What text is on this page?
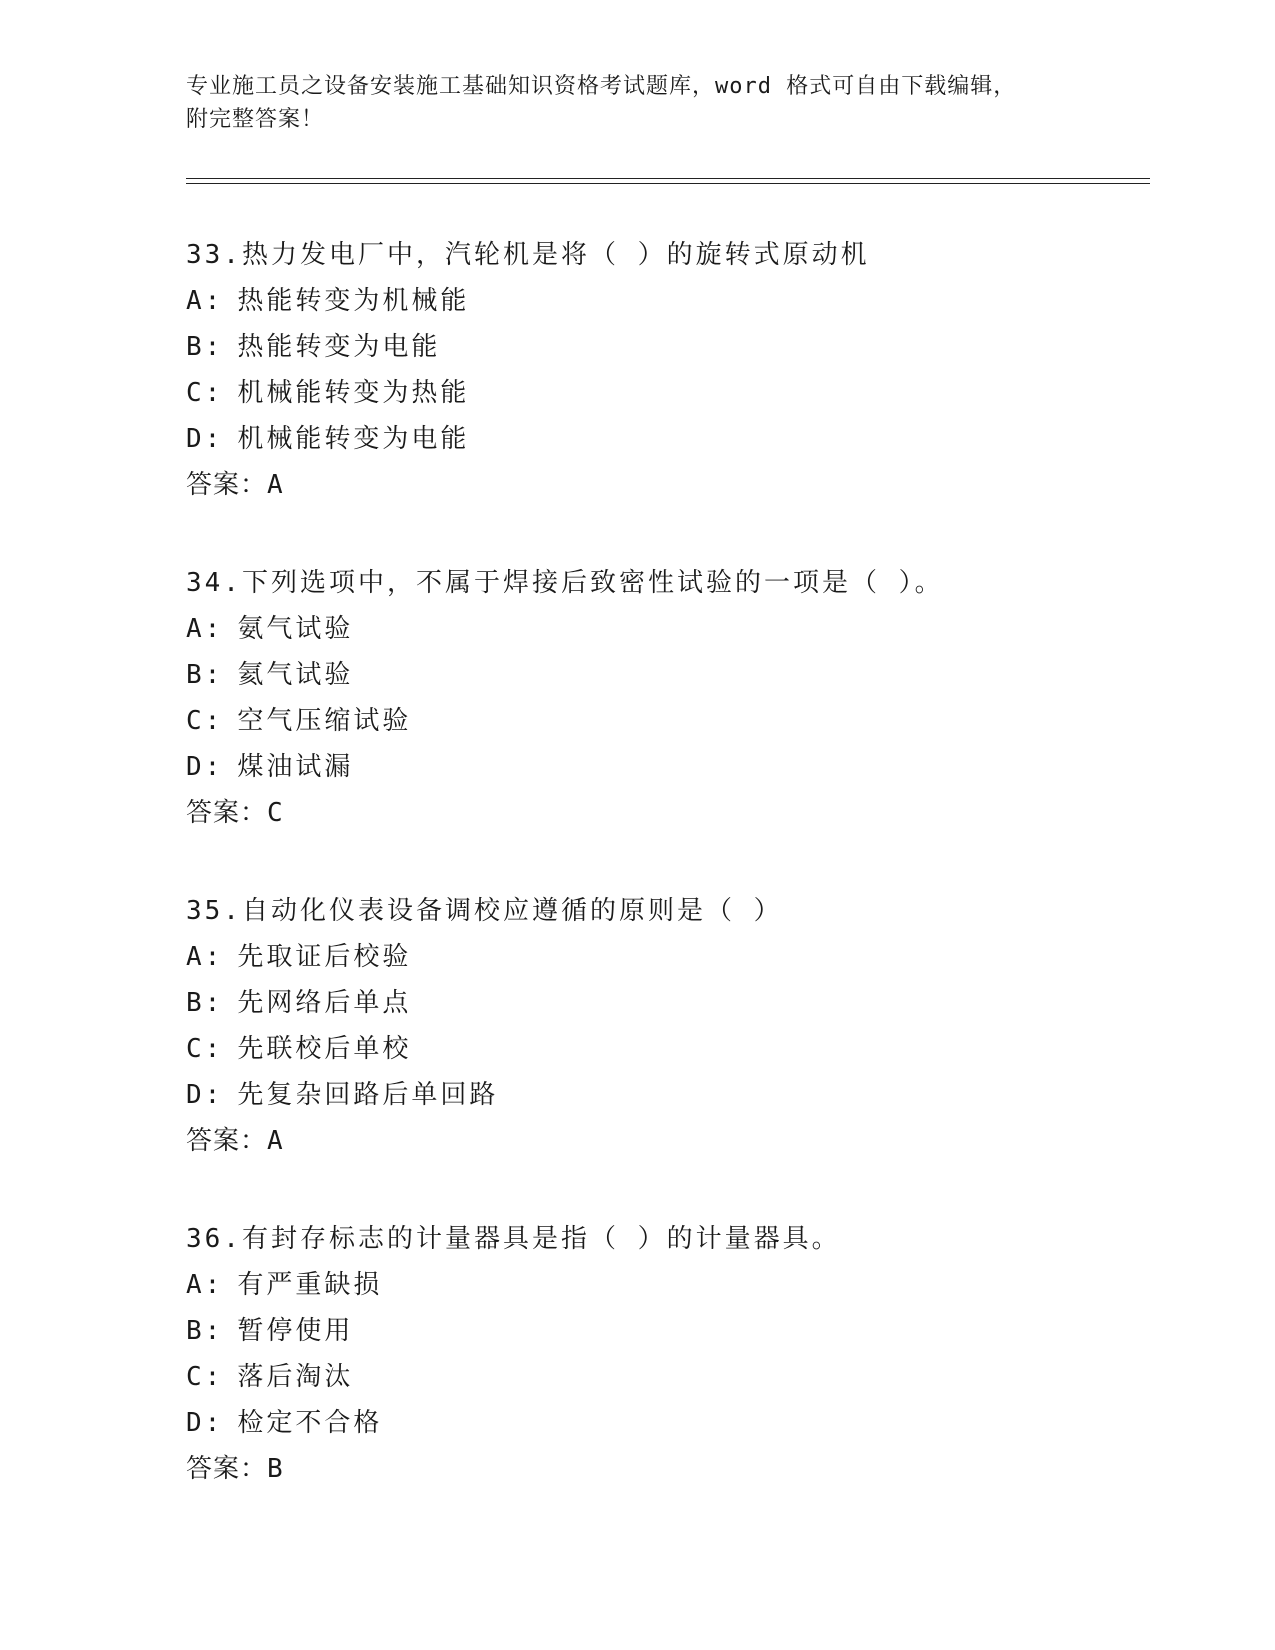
专业施工员之设备安装施工基础知识资格考试题库，word 格式可自由下载编辑，

附完整答案！

33.热力发电厂中，汽轮机是将（ ）的旋转式原动机
A: 热能转变为机械能
B: 热能转变为电能
C: 机械能转变为热能
D: 机械能转变为电能
答案：A
34.下列选项中，不属于焊接后致密性试验的一项是（ ）。
A: 氨气试验
B: 氦气试验
C: 空气压缩试验
D: 煤油试漏
答案：C
35.自动化仪表设备调校应遵循的原则是（ ）
A: 先取证后校验
B: 先网络后单点
C: 先联校后单校
D: 先复杂回路后单回路
答案：A
36.有封存标志的计量器具是指（ ）的计量器具。
A: 有严重缺损
B: 暂停使用
C: 落后淘汰
D: 检定不合格
答案：B
